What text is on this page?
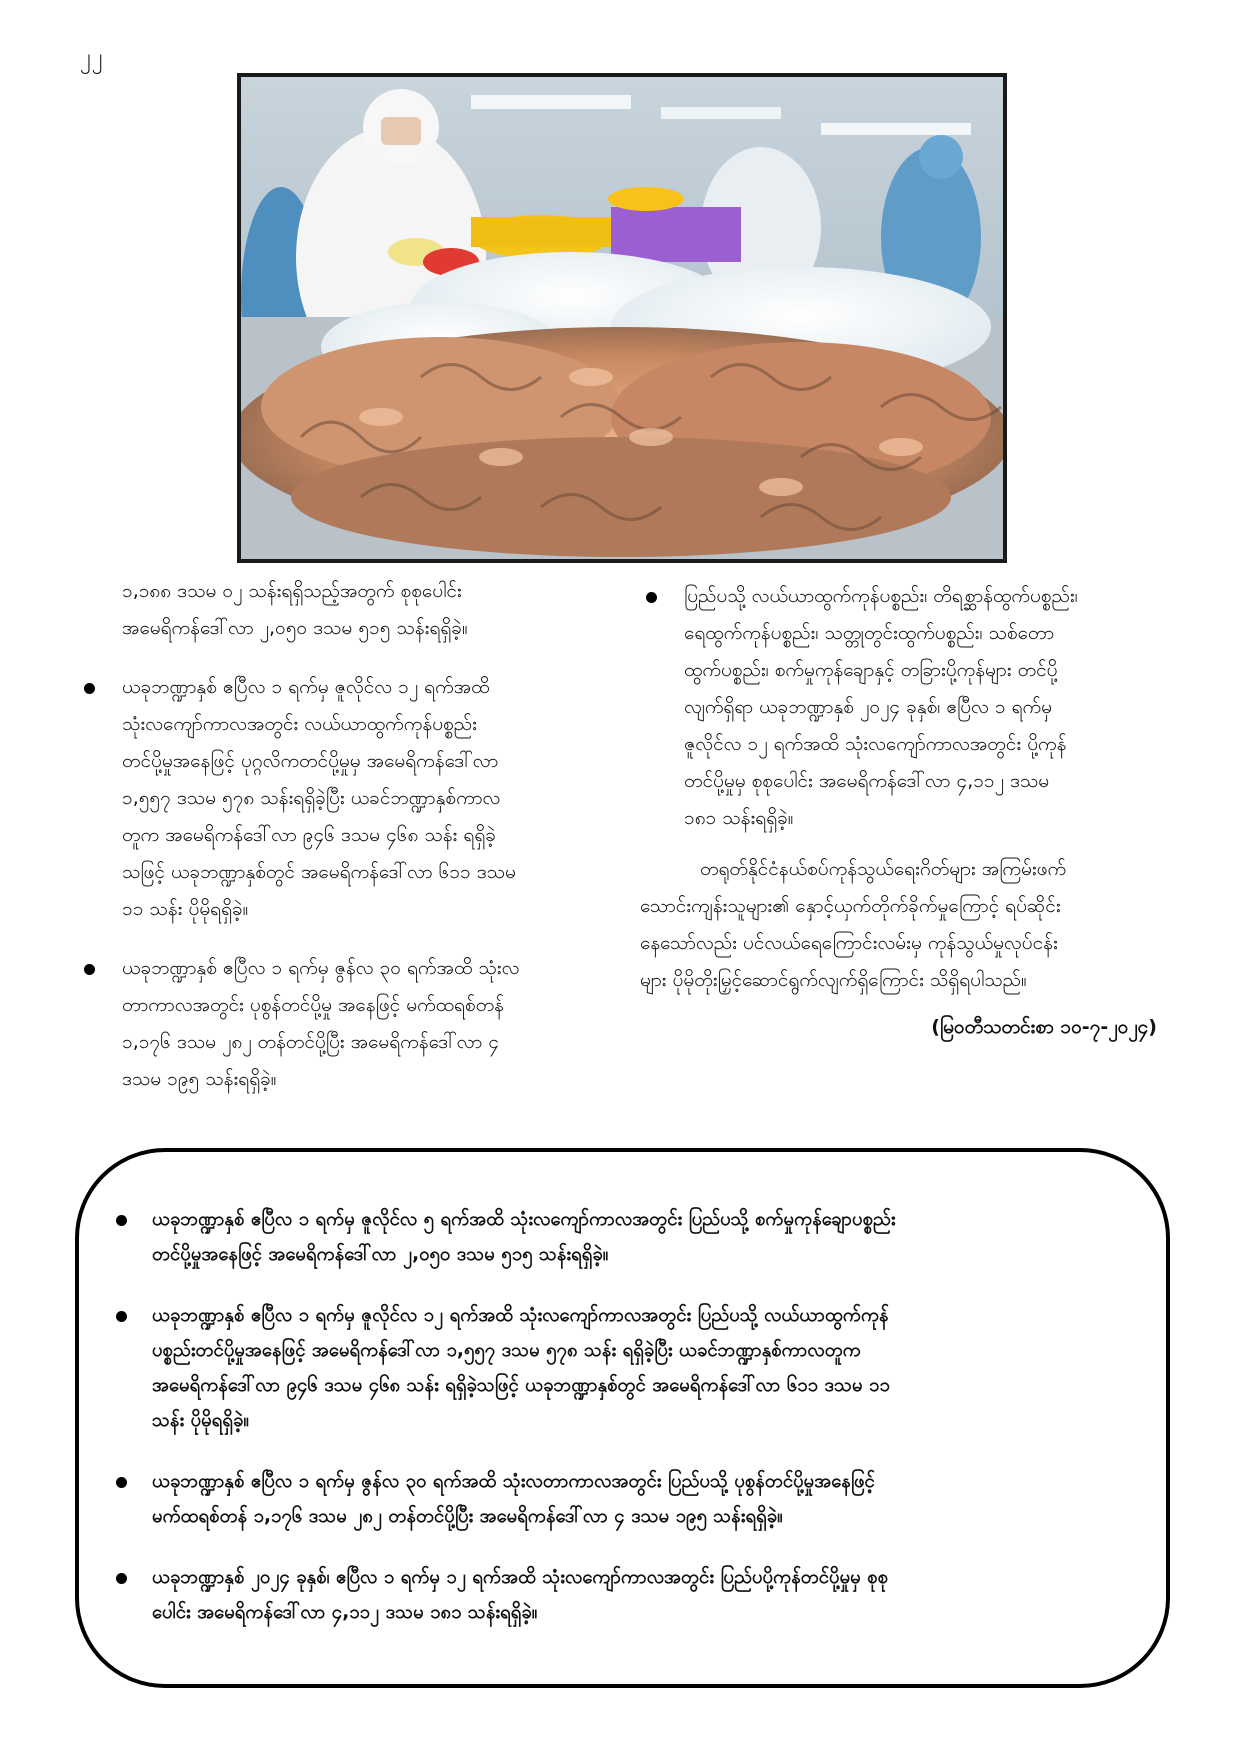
၂၂
၁,၁၈၈ ဒသမ ၀၂ သန်းရရှိသည့်အတွက် စုစုပေါင်း
အမေရိကန်ဒေါ်လာ ၂,၀၅၀ ဒသမ ၅၁၅ သန်းရရှိခဲ့။
ယခုဘဏ္ဍာနှစ် ဧပြီလ ၁ ရက်မှ ဇူလိုင်လ ၁၂ ရက်အထိ
သုံးလကျော်ကာလအတွင်း လယ်ယာထွက်ကုန်ပစ္စည်း
တင်ပို့မှုအနေဖြင့် ပုဂ္ဂလိကတင်ပို့မှုမှ အမေရိကန်ဒေါ်လာ
၁,၅၅၇ ဒသမ ၅၇၈ သန်းရရှိခဲ့ပြီး ယခင်ဘဏ္ဍာနှစ်ကာလ
တူက အမေရိကန်ဒေါ်လာ ၉၄၆ ဒသမ ၄၆၈ သန်း ရရှိခဲ့
သဖြင့် ယခုဘဏ္ဍာနှစ်တွင် အမေရိကန်ဒေါ်လာ ၆၁၁ ဒသမ
၁၁ သန်း ပိုမိုရရှိခဲ့။
ယခုဘဏ္ဍာနှစ် ဧပြီလ ၁ ရက်မှ ဇွန်လ ၃၀ ရက်အထိ သုံးလ
တာကာလအတွင်း ပုစွန်တင်ပို့မှု အနေဖြင့် မက်ထရစ်တန်
၁,၁၇၆ ဒသမ ၂၈၂ တန်တင်ပို့ပြီး အမေရိကန်ဒေါ်လာ ၄
ဒသမ ၁၉၅ သန်းရရှိခဲ့။
ပြည်ပသို့ လယ်ယာထွက်ကုန်ပစ္စည်း၊ တိရစ္ဆာန်ထွက်ပစ္စည်း၊
ရေထွက်ကုန်ပစ္စည်း၊ သတ္တုတွင်းထွက်ပစ္စည်း၊ သစ်တော
ထွက်ပစ္စည်း၊ စက်မှုကုန်ချောနှင့် တခြားပို့ကုန်များ တင်ပို့
လျက်ရှိရာ ယခုဘဏ္ဍာနှစ် ၂၀၂၄ ခုနှစ်၊ ဧပြီလ ၁ ရက်မှ
ဇူလိုင်လ ၁၂ ရက်အထိ သုံးလကျော်ကာလအတွင်း ပို့ကုန်
တင်ပို့မှုမှ စုစုပေါင်း အမေရိကန်ဒေါ်လာ ၄,၁၁၂ ဒသမ
၁၈၁ သန်းရရှိခဲ့။
တရုတ်နိုင်ငံနယ်စပ်ကုန်သွယ်ရေးဂိတ်များ အကြမ်းဖက်
သောင်းကျန်းသူများ၏ နှောင့်ယှက်တိုက်ခိုက်မှုကြောင့် ရပ်ဆိုင်း
နေသော်လည်း ပင်လယ်ရေကြောင်းလမ်းမှ ကုန်သွယ်မှုလုပ်ငန်း
များ ပိုမိုတိုးမြှင့်ဆောင်ရွက်လျက်ရှိကြောင်း သိရှိရပါသည်။
(မြဝတီသတင်းစာ ၁၀-၇-၂၀၂၄)
ယခုဘဏ္ဍာနှစ် ဧပြီလ ၁ ရက်မှ ဇူလိုင်လ ၅ ရက်အထိ သုံးလကျော်ကာလအတွင်း ပြည်ပသို့ စက်မှုကုန်ချောပစ္စည်း
တင်ပို့မှုအနေဖြင့် အမေရိကန်ဒေါ်လာ ၂,၀၅၀ ဒသမ ၅၁၅ သန်းရရှိခဲ့။
ယခုဘဏ္ဍာနှစ် ဧပြီလ ၁ ရက်မှ ဇူလိုင်လ ၁၂ ရက်အထိ သုံးလကျော်ကာလအတွင်း ပြည်ပသို့ လယ်ယာထွက်ကုန်
ပစ္စည်းတင်ပို့မှုအနေဖြင့် အမေရိကန်ဒေါ်လာ ၁,၅၅၇ ဒသမ ၅၇၈ သန်း ရရှိခဲ့ပြီး ယခင်ဘဏ္ဍာနှစ်ကာလတူက
အမေရိကန်ဒေါ်လာ ၉၄၆ ဒသမ ၄၆၈ သန်း ရရှိခဲ့သဖြင့် ယခုဘဏ္ဍာနှစ်တွင် အမေရိကန်ဒေါ်လာ ၆၁၁ ဒသမ ၁၁
သန်း ပိုမိုရရှိခဲ့။
ယခုဘဏ္ဍာနှစ် ဧပြီလ ၁ ရက်မှ ဇွန်လ ၃၀ ရက်အထိ သုံးလတာကာလအတွင်း ပြည်ပသို့ ပုစွန်တင်ပို့မှုအနေဖြင့်
မက်ထရစ်တန် ၁,၁၇၆ ဒသမ ၂၈၂ တန်တင်ပို့ပြီး အမေရိကန်ဒေါ်လာ ၄ ဒသမ ၁၉၅ သန်းရရှိခဲ့။
ယခုဘဏ္ဍာနှစ် ၂၀၂၄ ခုနှစ်၊ ဧပြီလ ၁ ရက်မှ ၁၂ ရက်အထိ သုံးလကျော်ကာလအတွင်း ပြည်ပပို့ကုန်တင်ပို့မှုမှ စုစု
ပေါင်း အမေရိကန်ဒေါ်လာ ၄,၁၁၂ ဒသမ ၁၈၁ သန်းရရှိခဲ့။
